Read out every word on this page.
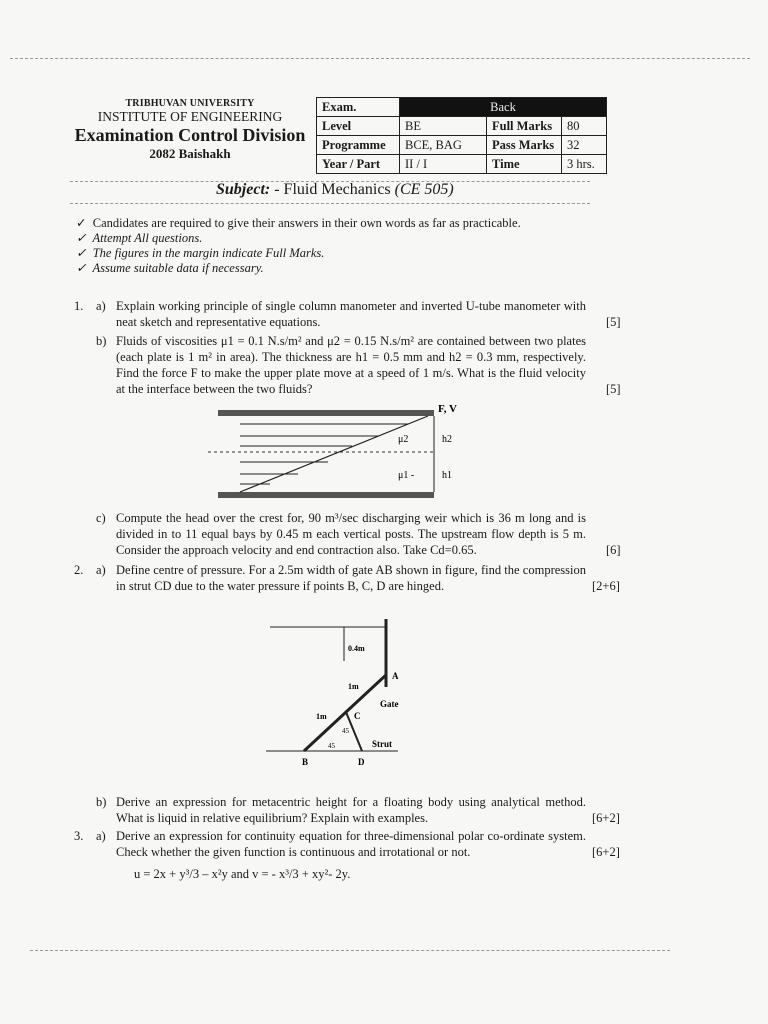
TRIBHUVAN UNIVERSITY
INSTITUTE OF ENGINEERING
Examination Control Division
2082 Baishakh
Exam.	Back		
Level	BE	Full Marks	80
Programme	BCE, BAG	Pass Marks	32
Year / Part	II / I	Time	3 hrs.
Subject: - Fluid Mechanics (CE 505)
✓ Candidates are required to give their answers in their own words as far as practicable.
✓ Attempt All questions.
✓ The figures in the margin indicate Full Marks.
✓ Assume suitable data if necessary.
1. a) Explain working principle of single column manometer and inverted U-tube manometer with neat sketch and representative equations.	[5]
b) Fluids of viscosities μ1 = 0.1 N.s/m² and μ2 = 0.15 N.s/m² are contained between two plates (each plate is 1 m² in area). The thickness are h1 = 0.5 mm and h2 = 0.3 mm, respectively. Find the force F to make the upper plate move at a speed of 1 m/s. What is the fluid velocity at the interface between the two fluids?	[5]
F, V
μ2
μ1 -
h2
h1
c) Compute the head over the crest for, 90 m³/sec discharging weir which is 36 m long and is divided in to 11 equal bays by 0.45 m each vertical posts. The upstream flow depth is 5 m. Consider the approach velocity and end contraction also. Take Cd=0.65.	[6]
2. a) Define centre of pressure. For a 2.5m width of gate AB shown in figure, find the compression in strut CD due to the water pressure if points B, C, D are hinged.	[2+6]
0.4m
A
Gate
1m
1m	C
45
45	Strut
B	D
b) Derive an expression for metacentric height for a floating body using analytical method. What is liquid in relative equilibrium? Explain with examples.	[6+2]
3. a) Derive an expression for continuity equation for three-dimensional polar co-ordinate system. Check whether the given function is continuous and irrotational or not.	[6+2]
u = 2x + y³/3 – x²y and v = - x³/3 + xy²- 2y.
